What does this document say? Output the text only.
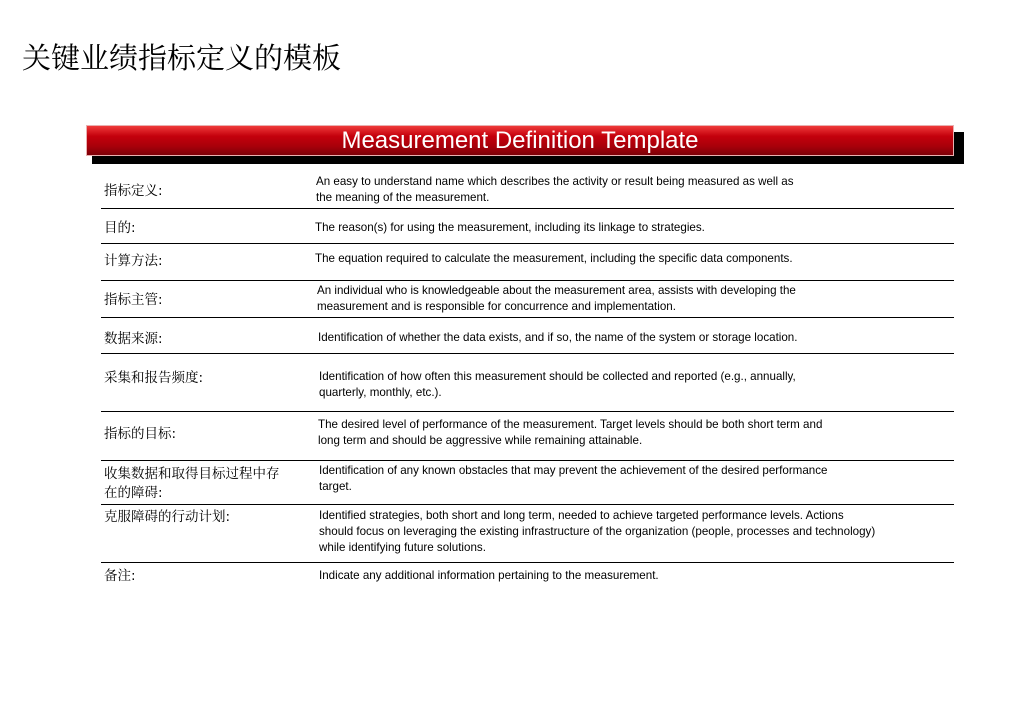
关键业绩指标定义的模板
Measurement Definition Template
指标定义:
An easy to understand name which describes the activity or result being measured as well as
the meaning of the measurement.
目的:	The reason(s) for using the measurement, including its linkage to strategies.
计算方法:	The equation required to calculate the measurement, including the specific data components.
指标主管:
An individual who is knowledgeable about the measurement area, assists with developing the
measurement and is responsible for concurrence and implementation.
数据来源:	Identification of whether the data exists, and if so, the name of the system or storage location.
采集和报告频度:	Identification of how often this measurement should be collected and reported (e.g., annually,
quarterly, monthly, etc.).
指标的目标:
The desired level of performance of the measurement. Target levels should be both short term and
long term and should be aggressive while remaining attainable.
收集数据和取得目标过程中存
在的障碍:
Identification of any known obstacles that may prevent the achievement of the desired performance
target.
克服障碍的行动计划:	Identified strategies, both short and long term, needed to achieve targeted performance levels. Actions
should focus on leveraging the existing infrastructure of the organization (people, processes and technology)
while identifying future solutions.
备注:	Indicate any additional information pertaining to the measurement.
